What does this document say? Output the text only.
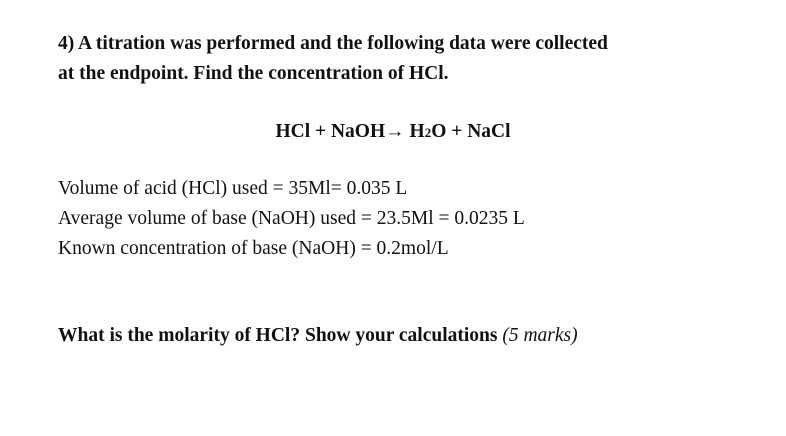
4) A titration was performed and the following data were collected
at the endpoint. Find the concentration of HCl.
HCl + NaOH→ H2O + NaCl
Volume of acid (HCl) used = 35Ml= 0.035 L
Average volume of base (NaOH) used = 23.5Ml = 0.0235 L
Known concentration of base (NaOH) = 0.2mol/L
What is the molarity of HCl? Show your calculations (5 marks)
